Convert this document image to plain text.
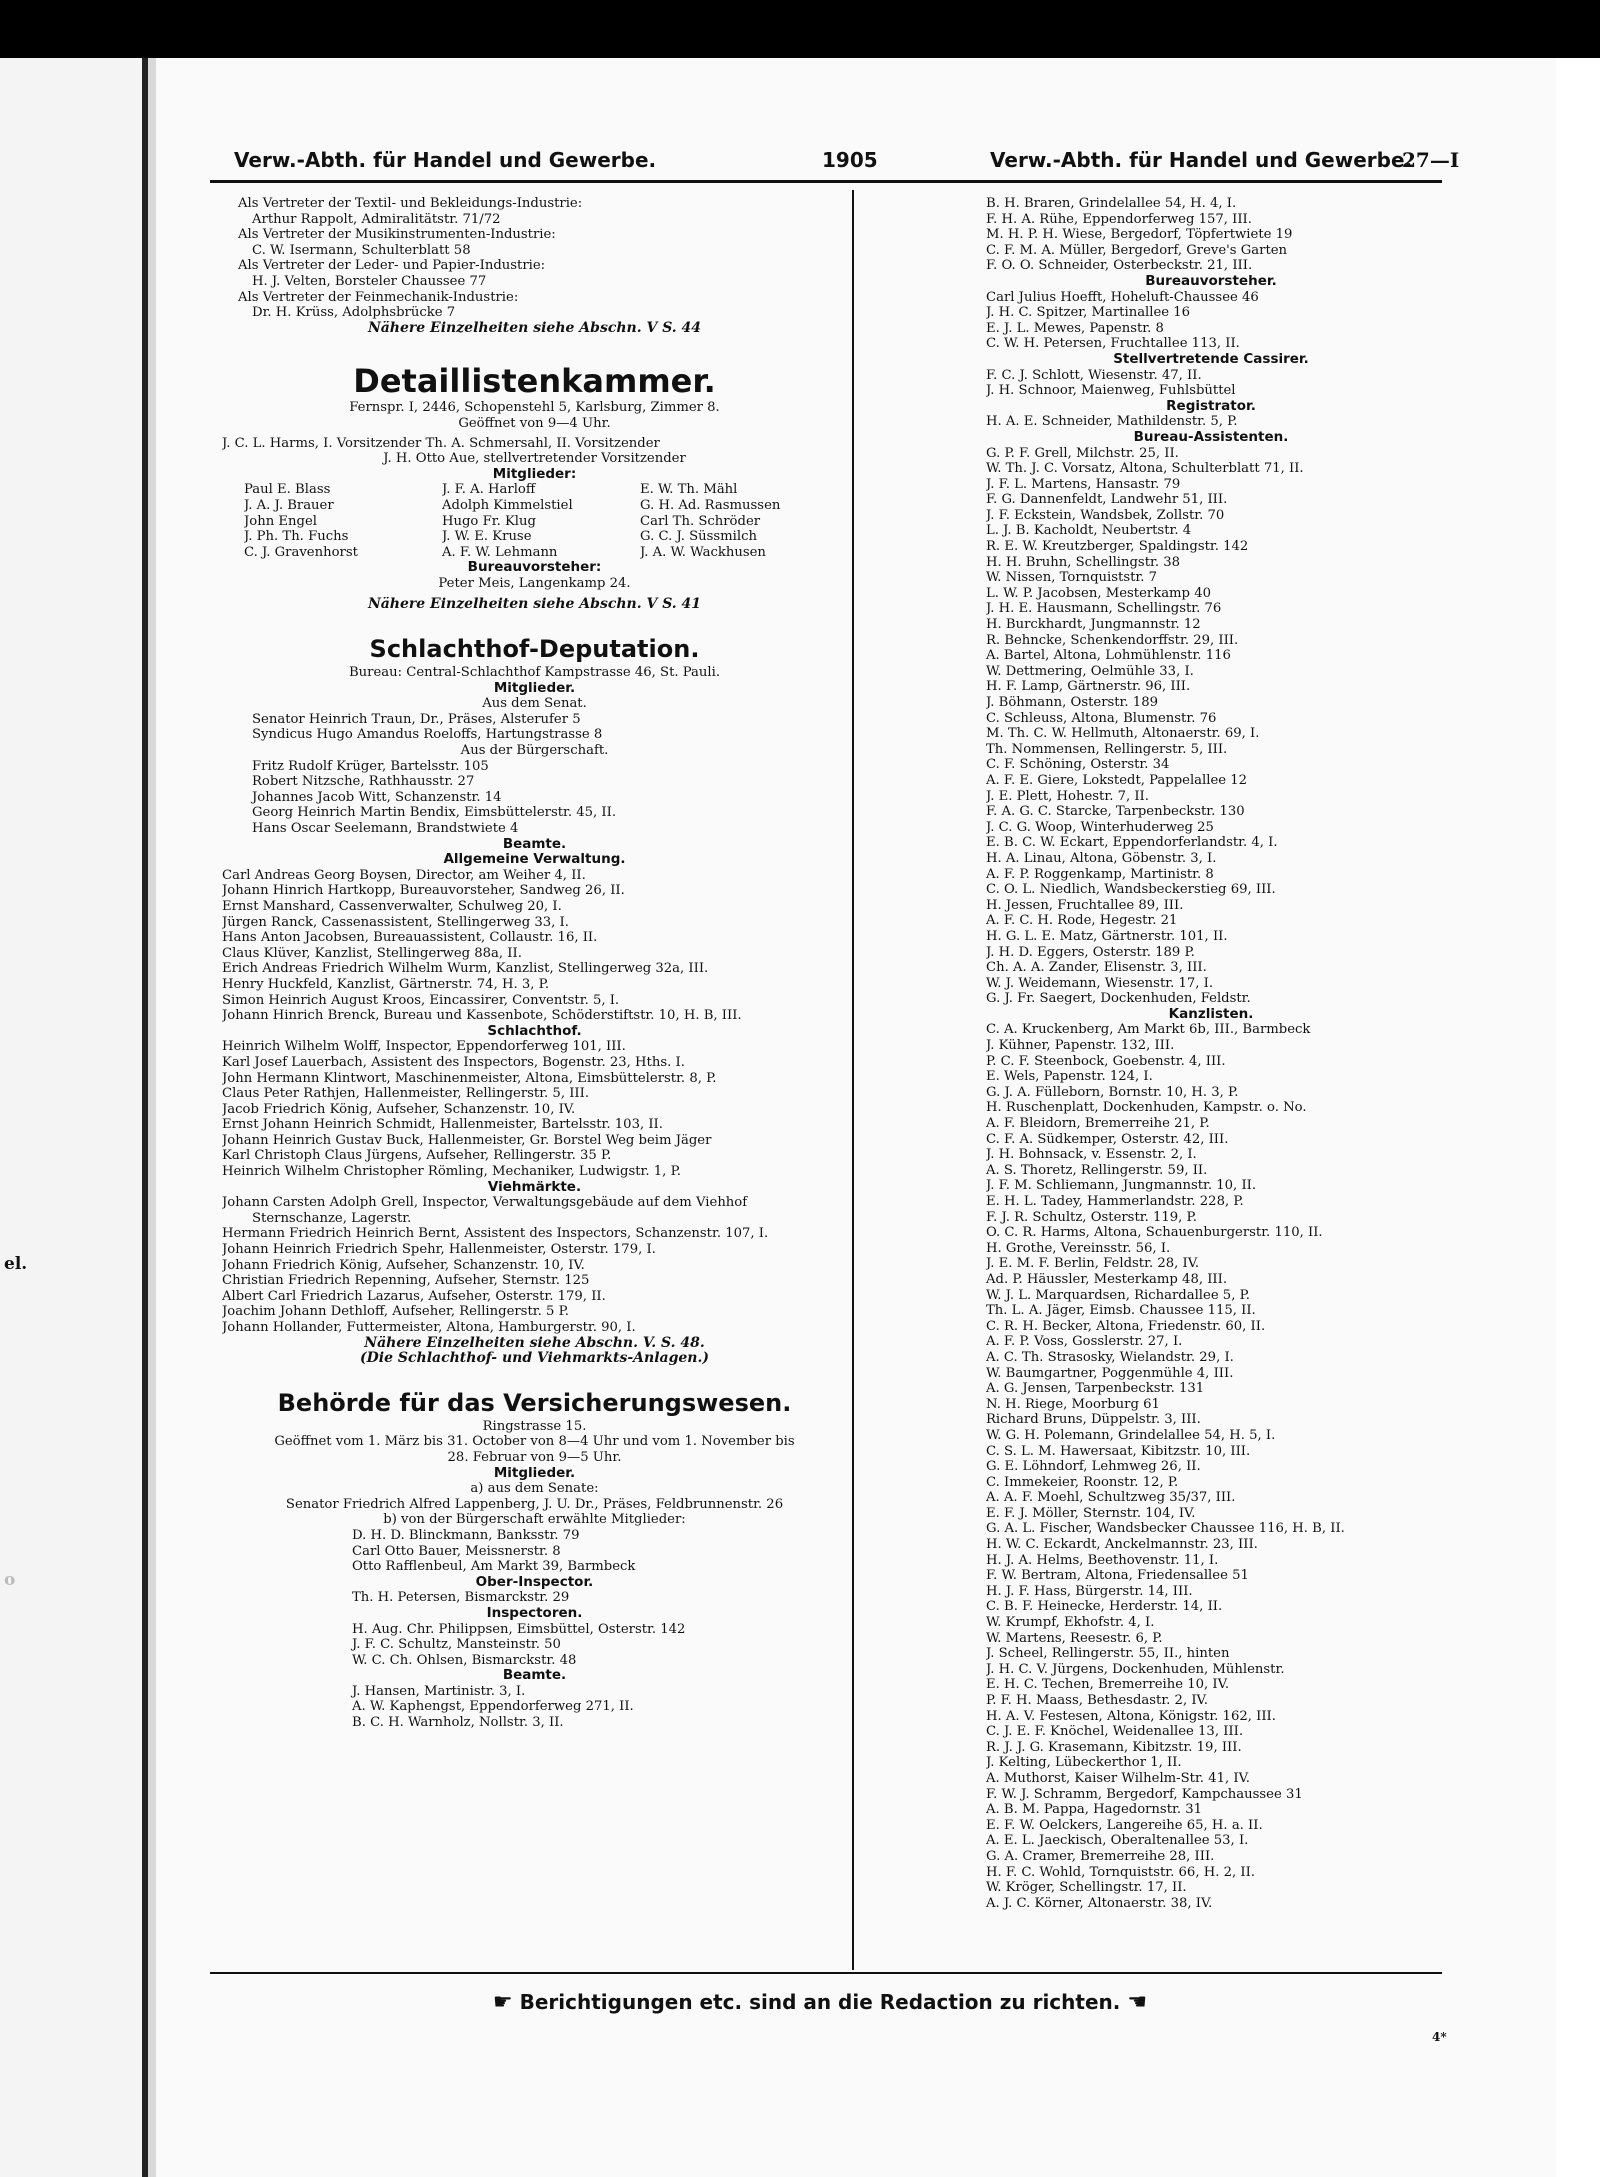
el.
o
Verw.-Abth. für Handel und Gewerbe.	1905	Verw.-Abth. für Handel und Gewerbe.
27—I

Als Vertreter der Textil- und Bekleidungs-Industrie:

Arthur Rappolt, Admiralitätstr. 71/72

Als Vertreter der Musikinstrumenten-Industrie:

C. W. Isermann, Schulterblatt 58

Als Vertreter der Leder- und Papier-Industrie:

H. J. Velten, Borsteler Chaussee 77

Als Vertreter der Feinmechanik-Industrie:

Dr. H. Krüss, Adolphsbrücke 7

Nähere Einzelheiten siehe Abschn. V S. 44

Detaillistenkammer.

Fernspr. I, 2446, Schopenstehl 5, Karlsburg, Zimmer 8.

Geöffnet von 9—4 Uhr.

J. C. L. Harms, I. Vorsitzender Th. A. Schmersahl, II. Vorsitzender

J. H. Otto Aue, stellvertretender Vorsitzender

Mitglieder:

Paul E. Blass	J. F. A. Harloff	E. W. Th. Mähl
J. A. J. Brauer	Adolph Kimmelstiel	G. H. Ad. Rasmussen
John Engel	Hugo Fr. Klug	Carl Th. Schröder
J. Ph. Th. Fuchs	J. W. E. Kruse	G. C. J. Süssmilch
C. J. Gravenhorst	A. F. W. Lehmann	J. A. W. Wackhusen

Bureauvorsteher:

Peter Meis, Langenkamp 24.

Nähere Einzelheiten siehe Abschn. V S. 41

Schlachthof-Deputation.

Bureau: Central-Schlachthof Kampstrasse 46, St. Pauli.

Mitglieder.

Aus dem Senat.

Senator Heinrich Traun, Dr., Präses, Alsterufer 5

Syndicus Hugo Amandus Roeloffs, Hartungstrasse 8

Aus der Bürgerschaft.

Fritz Rudolf Krüger, Bartelsstr. 105

Robert Nitzsche, Rathhausstr. 27

Johannes Jacob Witt, Schanzenstr. 14

Georg Heinrich Martin Bendix, Eimsbüttelerstr. 45, II.

Hans Oscar Seelemann, Brandstwiete 4

Beamte.

Allgemeine Verwaltung.

Carl Andreas Georg Boysen, Director, am Weiher 4, II.

Johann Hinrich Hartkopp, Bureauvorsteher, Sandweg 26, II.

Ernst Manshard, Cassenverwalter, Schulweg 20, I.

Jürgen Ranck, Cassenassistent, Stellingerweg 33, I.

Hans Anton Jacobsen, Bureauassistent, Collaustr. 16, II.

Claus Klüver, Kanzlist, Stellingerweg 88a, II.

Erich Andreas Friedrich Wilhelm Wurm, Kanzlist, Stellingerweg 32a, III.

Henry Huckfeld, Kanzlist, Gärtnerstr. 74, H. 3, P.

Simon Heinrich August Kroos, Eincassirer, Conventstr. 5, I.

Johann Hinrich Brenck, Bureau und Kassenbote, Schöderstiftstr. 10, H. B, III.

Schlachthof.

Heinrich Wilhelm Wolff, Inspector, Eppendorferweg 101, III.

Karl Josef Lauerbach, Assistent des Inspectors, Bogenstr. 23, Hths. I.

John Hermann Klintwort, Maschinenmeister, Altona, Eimsbüttelerstr. 8, P.

Claus Peter Rathjen, Hallenmeister, Rellingerstr. 5, III.

Jacob Friedrich König, Aufseher, Schanzenstr. 10, IV.

Ernst Johann Heinrich Schmidt, Hallenmeister, Bartelsstr. 103, II.

Johann Heinrich Gustav Buck, Hallenmeister, Gr. Borstel Weg beim Jäger

Karl Christoph Claus Jürgens, Aufseher, Rellingerstr. 35 P.

Heinrich Wilhelm Christopher Römling, Mechaniker, Ludwigstr. 1, P.

Viehmärkte.

Johann Carsten Adolph Grell, Inspector, Verwaltungsgebäude auf dem Viehhof

Sternschanze, Lagerstr.

Hermann Friedrich Heinrich Bernt, Assistent des Inspectors, Schanzenstr. 107, I.

Johann Heinrich Friedrich Spehr, Hallenmeister, Osterstr. 179, I.

Johann Friedrich König, Aufseher, Schanzenstr. 10, IV.

Christian Friedrich Repenning, Aufseher, Sternstr. 125

Albert Carl Friedrich Lazarus, Aufseher, Osterstr. 179, II.

Joachim Johann Dethloff, Aufseher, Rellingerstr. 5 P.

Johann Hollander, Futtermeister, Altona, Hamburgerstr. 90, I.

Nähere Einzelheiten siehe Abschn. V. S. 48.

(Die Schlachthof- und Viehmarkts-Anlagen.)

Behörde für das Versicherungswesen.

Ringstrasse 15.

Geöffnet vom 1. März bis 31. October von 8—4 Uhr und vom 1. November bis

28. Februar von 9—5 Uhr.

Mitglieder.

a) aus dem Senate:

Senator Friedrich Alfred Lappenberg, J. U. Dr., Präses, Feldbrunnenstr. 26

b) von der Bürgerschaft erwählte Mitglieder:

D. H. D. Blinckmann, Banksstr. 79

Carl Otto Bauer, Meissnerstr. 8

Otto Rafflenbeul, Am Markt 39, Barmbeck

Ober-Inspector.

Th. H. Petersen, Bismarckstr. 29

Inspectoren.

H. Aug. Chr. Philippsen, Eimsbüttel, Osterstr. 142

J. F. C. Schultz, Mansteinstr. 50

W. C. Ch. Ohlsen, Bismarckstr. 48

Beamte.

J. Hansen, Martinistr. 3, I.

A. W. Kaphengst, Eppendorferweg 271, II.

B. C. H. Warnholz, Nollstr. 3, II.

B. H. Braren, Grindelallee 54, H. 4, I.

F. H. A. Rühe, Eppendorferweg 157, III.

M. H. P. H. Wiese, Bergedorf, Töpfertwiete 19

C. F. M. A. Müller, Bergedorf, Greve's Garten

F. O. O. Schneider, Osterbeckstr. 21, III.

Bureauvorsteher.

Carl Julius Hoefft, Hoheluft-Chaussee 46

J. H. C. Spitzer, Martinallee 16

E. J. L. Mewes, Papenstr. 8

C. W. H. Petersen, Fruchtallee 113, II.

Stellvertretende Cassirer.

F. C. J. Schlott, Wiesenstr. 47, II.

J. H. Schnoor, Maienweg, Fuhlsbüttel

Registrator.

H. A. E. Schneider, Mathildenstr. 5, P.

Bureau-Assistenten.

G. P. F. Grell, Milchstr. 25, II.

W. Th. J. C. Vorsatz, Altona, Schulterblatt 71, II.

J. F. L. Martens, Hansastr. 79

F. G. Dannenfeldt, Landwehr 51, III.

J. F. Eckstein, Wandsbek, Zollstr. 70

L. J. B. Kacholdt, Neubertstr. 4

R. E. W. Kreutzberger, Spaldingstr. 142

H. H. Bruhn, Schellingstr. 38

W. Nissen, Tornquiststr. 7

L. W. P. Jacobsen, Mesterkamp 40

J. H. E. Hausmann, Schellingstr. 76

H. Burckhardt, Jungmannstr. 12

R. Behncke, Schenkendorffstr. 29, III.

A. Bartel, Altona, Lohmühlenstr. 116

W. Dettmering, Oelmühle 33, I.

H. F. Lamp, Gärtnerstr. 96, III.

J. Böhmann, Osterstr. 189

C. Schleuss, Altona, Blumenstr. 76

M. Th. C. W. Hellmuth, Altonaerstr. 69, I.

Th. Nommensen, Rellingerstr. 5, III.

C. F. Schöning, Osterstr. 34

A. F. E. Giere, Lokstedt, Pappelallee 12

J. E. Plett, Hohestr. 7, II.

F. A. G. C. Starcke, Tarpenbeckstr. 130

J. C. G. Woop, Winterhuderweg 25

E. B. C. W. Eckart, Eppendorferlandstr. 4, I.

H. A. Linau, Altona, Göbenstr. 3, I.

A. F. P. Roggenkamp, Martinistr. 8

C. O. L. Niedlich, Wandsbeckerstieg 69, III.

H. Jessen, Fruchtallee 89, III.

A. F. C. H. Rode, Hegestr. 21

H. G. L. E. Matz, Gärtnerstr. 101, II.

J. H. D. Eggers, Osterstr. 189 P.

Ch. A. A. Zander, Elisenstr. 3, III.

W. J. Weidemann, Wiesenstr. 17, I.

G. J. Fr. Saegert, Dockenhuden, Feldstr.

Kanzlisten.

C. A. Kruckenberg, Am Markt 6b, III., Barmbeck

J. Kühner, Papenstr. 132, III.

P. C. F. Steenbock, Goebenstr. 4, III.

E. Wels, Papenstr. 124, I.

G. J. A. Fülleborn, Bornstr. 10, H. 3, P.

H. Ruschenplatt, Dockenhuden, Kampstr. o. No.

A. F. Bleidorn, Bremerreihe 21, P.

C. F. A. Südkemper, Osterstr. 42, III.

J. H. Bohnsack, v. Essenstr. 2, I.

A. S. Thoretz, Rellingerstr. 59, II.

J. F. M. Schliemann, Jungmannstr. 10, II.

E. H. L. Tadey, Hammerlandstr. 228, P.

F. J. R. Schultz, Osterstr. 119, P.

O. C. R. Harms, Altona, Schauenburgerstr. 110, II.

H. Grothe, Vereinsstr. 56, I.

J. E. M. F. Berlin, Feldstr. 28, IV.

Ad. P. Häussler, Mesterkamp 48, III.

W. J. L. Marquardsen, Richardallee 5, P.

Th. L. A. Jäger, Eimsb. Chaussee 115, II.

C. R. H. Becker, Altona, Friedenstr. 60, II.

A. F. P. Voss, Gosslerstr. 27, I.

A. C. Th. Strasosky, Wielandstr. 29, I.

W. Baumgartner, Poggenmühle 4, III.

A. G. Jensen, Tarpenbeckstr. 131

N. H. Riege, Moorburg 61

Richard Bruns, Düppelstr. 3, III.

W. G. H. Polemann, Grindelallee 54, H. 5, I.

C. S. L. M. Hawersaat, Kibitzstr. 10, III.

G. E. Löhndorf, Lehmweg 26, II.

C. Immekeier, Roonstr. 12, P.

A. A. F. Moehl, Schultzweg 35/37, III.

E. F. J. Möller, Sternstr. 104, IV.

G. A. L. Fischer, Wandsbecker Chaussee 116, H. B, II.

H. W. C. Eckardt, Anckelmannstr. 23, III.

H. J. A. Helms, Beethovenstr. 11, I.

F. W. Bertram, Altona, Friedensallee 51

H. J. F. Hass, Bürgerstr. 14, III.

C. B. F. Heinecke, Herderstr. 14, II.

W. Krumpf, Ekhofstr. 4, I.

W. Martens, Reesestr. 6, P.

J. Scheel, Rellingerstr. 55, II., hinten

J. H. C. V. Jürgens, Dockenhuden, Mühlenstr.

E. H. C. Techen, Bremerreihe 10, IV.

P. F. H. Maass, Bethesdastr. 2, IV.

H. A. V. Festesen, Altona, Königstr. 162, III.

C. J. E. F. Knöchel, Weidenallee 13, III.

R. J. J. G. Krasemann, Kibitzstr. 19, III.

J. Kelting, Lübeckerthor 1, II.

A. Muthorst, Kaiser Wilhelm-Str. 41, IV.

F. W. J. Schramm, Bergedorf, Kampchaussee 31

A. B. M. Pappa, Hagedornstr. 31

E. F. W. Oelckers, Langereihe 65, H. a. II.

A. E. L. Jaeckisch, Oberaltenallee 53, I.

G. A. Cramer, Bremerreihe 28, III.

H. F. C. Wohld, Tornquiststr. 66, H. 2, II.

W. Kröger, Schellingstr. 17, II.

A. J. C. Körner, Altonaerstr. 38, IV.

☛ Berichtigungen etc. sind an die Redaction zu richten. ☚
4*
